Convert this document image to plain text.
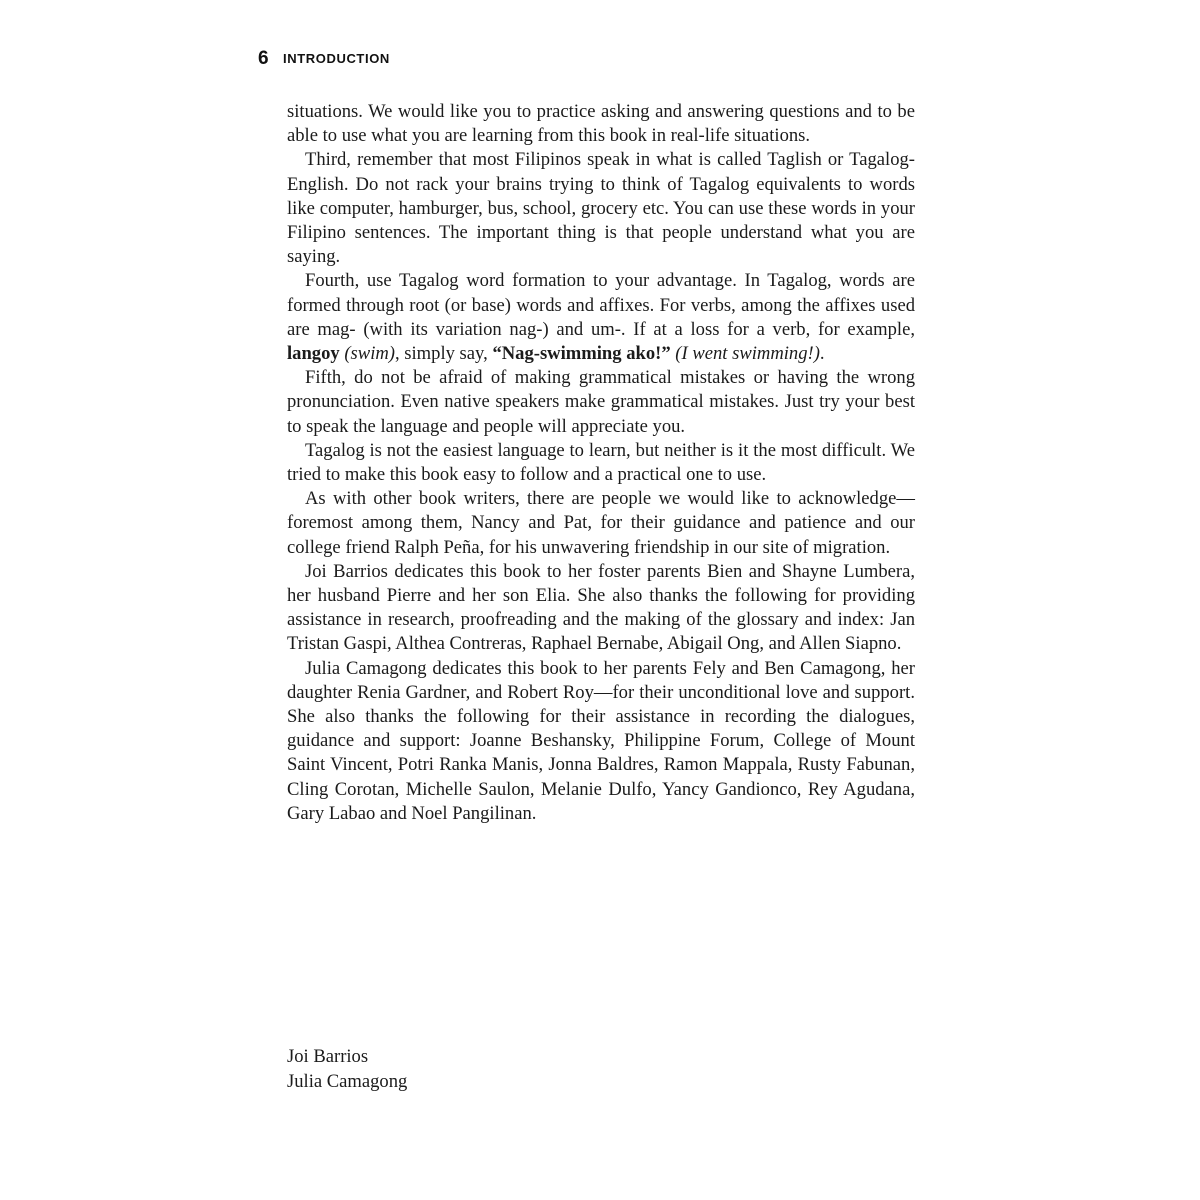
6 INTRODUCTION

situations. We would like you to practice asking and answering questions and to be able to use what you are learning from this book in real-life situations.

Third, remember that most Filipinos speak in what is called Taglish or Tagalog-English. Do not rack your brains trying to think of Tagalog equivalents to words like computer, hamburger, bus, school, grocery etc. You can use these words in your Filipino sentences. The important thing is that people understand what you are saying.

Fourth, use Tagalog word formation to your advantage. In Tagalog, words are formed through root (or base) words and affixes. For verbs, among the affixes used are mag- (with its variation nag-) and um-. If at a loss for a verb, for example, langoy (swim), simply say, “Nag-swimming ako!” (I went swimming!).

Fifth, do not be afraid of making grammatical mistakes or having the wrong pronunciation. Even native speakers make grammatical mistakes. Just try your best to speak the language and people will appreciate you.

Tagalog is not the easiest language to learn, but neither is it the most difficult. We tried to make this book easy to follow and a practical one to use.

As with other book writers, there are people we would like to acknowledge—foremost among them, Nancy and Pat, for their guidance and patience and our college friend Ralph Peña, for his unwavering friendship in our site of migration.

Joi Barrios dedicates this book to her foster parents Bien and Shayne Lumbera, her husband Pierre and her son Elia. She also thanks the following for providing assistance in research, proofreading and the making of the glossary and index: Jan Tristan Gaspi, Althea Contreras, Raphael Bernabe, Abigail Ong, and Allen Siapno.

Julia Camagong dedicates this book to her parents Fely and Ben Camagong, her daughter Renia Gardner, and Robert Roy—for their unconditional love and support. She also thanks the following for their assistance in recording the dialogues, guidance and support: Joanne Beshansky, Philippine Forum, College of Mount Saint Vincent, Potri Ranka Manis, Jonna Baldres, Ramon Mappala, Rusty Fabunan, Cling Corotan, Michelle Saulon, Melanie Dulfo, Yancy Gandionco, Rey Agudana, Gary Labao and Noel Pangilinan.

Joi Barrios
Julia Camagong
